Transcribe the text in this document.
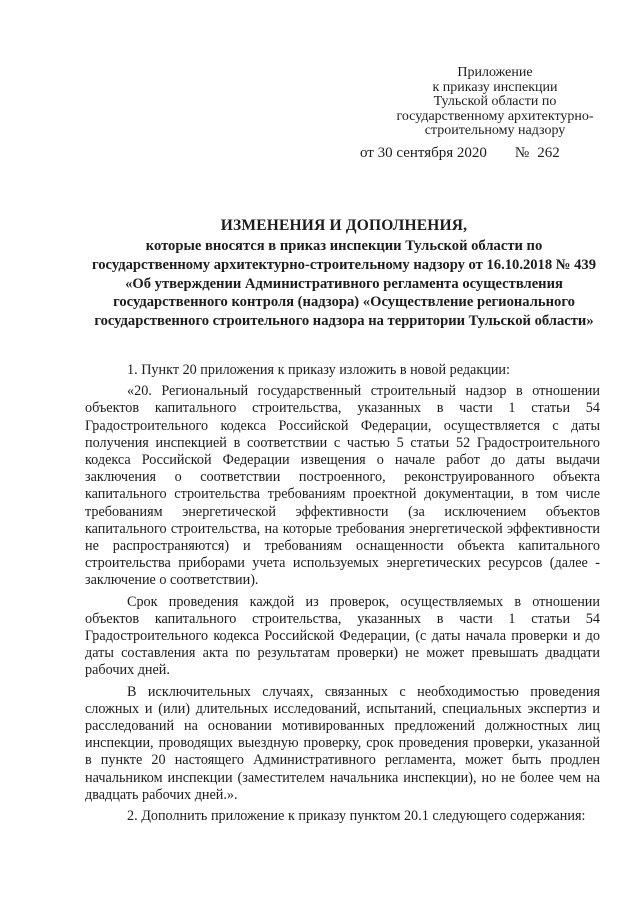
Приложение
к приказу инспекции
Тульской области по
государственному архитектурно-
строительному надзору
от 30 сентября 2020 № 262
ИЗМЕНЕНИЯ И ДОПОЛНЕНИЯ,
которые вносятся в приказ инспекции Тульской области по государственному архитектурно-строительному надзору от 16.10.2018 № 439 «Об утверждении Административного регламента осуществления государственного контроля (надзора) «Осуществление регионального государственного строительного надзора на территории Тульской области»

1. Пункт 20 приложения к приказу изложить в новой редакции:

«20. Региональный государственный строительный надзор в отношении объектов капитального строительства, указанных в части 1 статьи 54 Градостроительного кодекса Российской Федерации, осуществляется с даты получения инспекцией в соответствии с частью 5 статьи 52 Градостроительного кодекса Российской Федерации извещения о начале работ до даты выдачи заключения о соответствии построенного, реконструированного объекта капитального строительства требованиям проектной документации, в том числе требованиям энергетической эффективности (за исключением объектов капитального строительства, на которые требования энергетической эффективности не распространяются) и требованиям оснащенности объекта капитального строительства приборами учета используемых энергетических ресурсов (далее - заключение о соответствии).

Срок проведения каждой из проверок, осуществляемых в отношении объектов капитального строительства, указанных в части 1 статьи 54 Градостроительного кодекса Российской Федерации, (с даты начала проверки и до даты составления акта по результатам проверки) не может превышать двадцати рабочих дней.

В исключительных случаях, связанных с необходимостью проведения сложных и (или) длительных исследований, испытаний, специальных экспертиз и расследований на основании мотивированных предложений должностных лиц инспекции, проводящих выездную проверку, срок проведения проверки, указанной в пункте 20 настоящего Административного регламента, может быть продлен начальником инспекции (заместителем начальника инспекции), но не более чем на двадцать рабочих дней.».

2. Дополнить приложение к приказу пунктом 20.1 следующего содержания:
